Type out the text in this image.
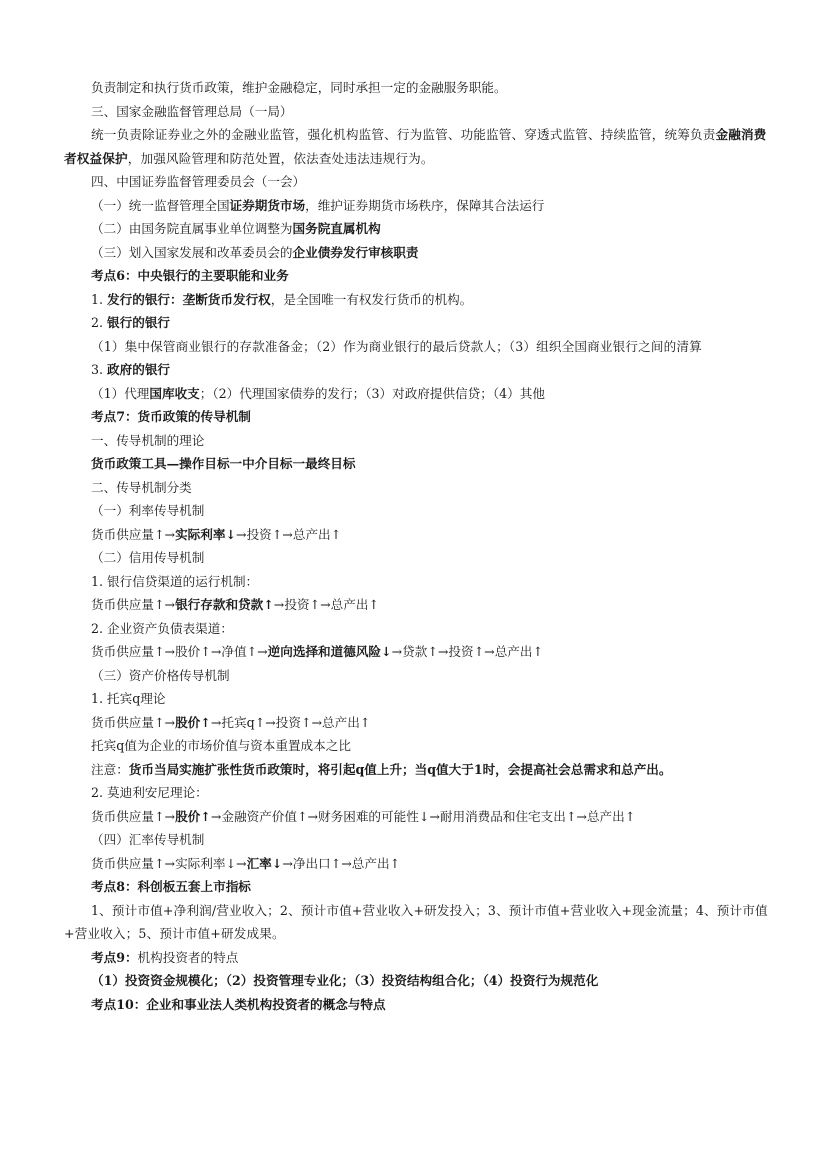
负责制定和执行货币政策，维护金融稳定，同时承担一定的金融服务职能。
三、国家金融监督管理总局（一局）
统一负责除证券业之外的金融业监管，强化机构监管、行为监管、功能监管、穿透式监管、持续监管，统筹负责金融消费者权益保护，加强风险管理和防范处置，依法查处违法违规行为。
四、中国证券监督管理委员会（一会）
（一）统一监督管理全国证券期货市场，维护证券期货市场秩序，保障其合法运行
（二）由国务院直属事业单位调整为国务院直属机构
（三）划入国家发展和改革委员会的企业债券发行审核职责
考点6：中央银行的主要职能和业务
1. 发行的银行：垄断货币发行权，是全国唯一有权发行货币的机构。
2. 银行的银行
（1）集中保管商业银行的存款准备金；（2）作为商业银行的最后贷款人；（3）组织全国商业银行之间的清算
3. 政府的银行
（1）代理国库收支；（2）代理国家债券的发行；（3）对政府提供信贷；（4）其他
考点7：货币政策的传导机制
一、传导机制的理论
货币政策工具—操作目标一中介目标一最终目标
二、传导机制分类
（一）利率传导机制
货币供应量↑→实际利率↓→投资↑→总产出↑
（二）信用传导机制
1. 银行信贷渠道的运行机制：
货币供应量↑→银行存款和贷款↑→投资↑→总产出↑
2. 企业资产负债表渠道：
货币供应量↑→股价↑→净值↑→逆向选择和道德风险↓→贷款↑→投资↑→总产出↑
（三）资产价格传导机制
1. 托宾q理论
货币供应量↑→股价↑→托宾q↑→投资↑→总产出↑
托宾q值为企业的市场价值与资本重置成本之比
注意：货币当局实施扩张性货币政策时，将引起q值上升；当q值大于1时，会提高社会总需求和总产出。
2. 莫迪利安尼理论：
货币供应量↑→股价↑→金融资产价值↑→财务困难的可能性↓→耐用消费品和住宅支出↑→总产出↑
（四）汇率传导机制
货币供应量↑→实际利率↓→汇率↓→净出口↑→总产出↑
考点8：科创板五套上市指标
1、预计市值+净利润/营业收入；2、预计市值+营业收入+研发投入；3、预计市值+营业收入+现金流量；4、预计市值+营业收入；5、预计市值+研发成果。
考点9：机构投资者的特点
（1）投资资金规模化；（2）投资管理专业化；（3）投资结构组合化；（4）投资行为规范化
考点10：企业和事业法人类机构投资者的概念与特点
